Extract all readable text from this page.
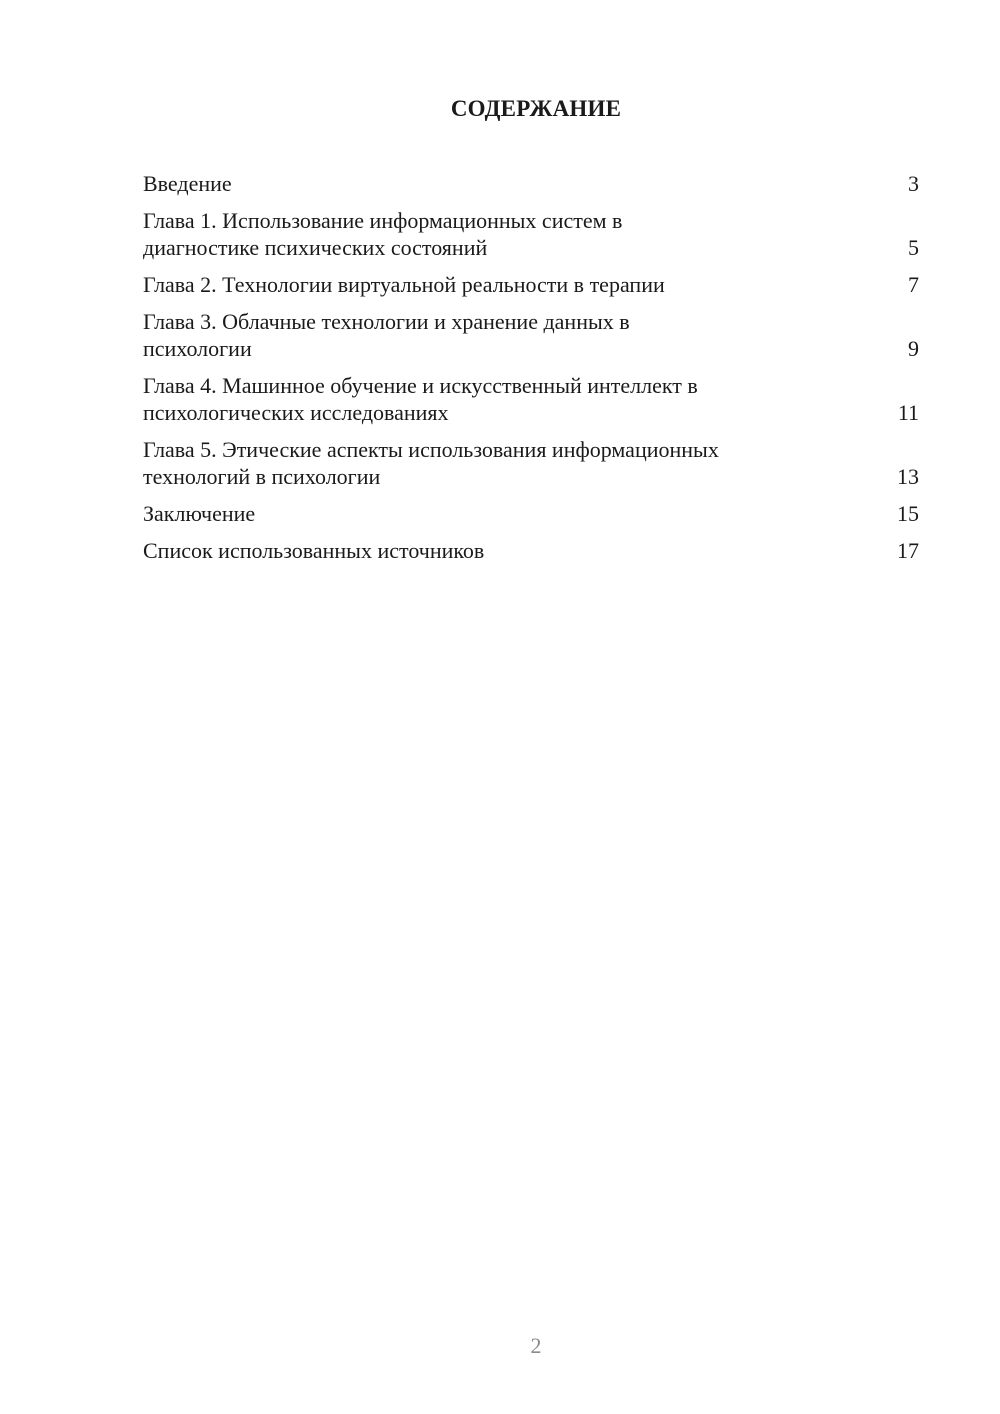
СОДЕРЖАНИЕ
Введение	3
Глава 1. Использование информационных систем в
диагностике психических состояний	5
Глава 2. Технологии виртуальной реальности в терапии	7
Глава 3. Облачные технологии и хранение данных в
психологии	9
Глава 4. Машинное обучение и искусственный интеллект в
психологических исследованиях	11
Глава 5. Этические аспекты использования информационных
технологий в психологии	13
Заключение	15
Список использованных источников	17
2
